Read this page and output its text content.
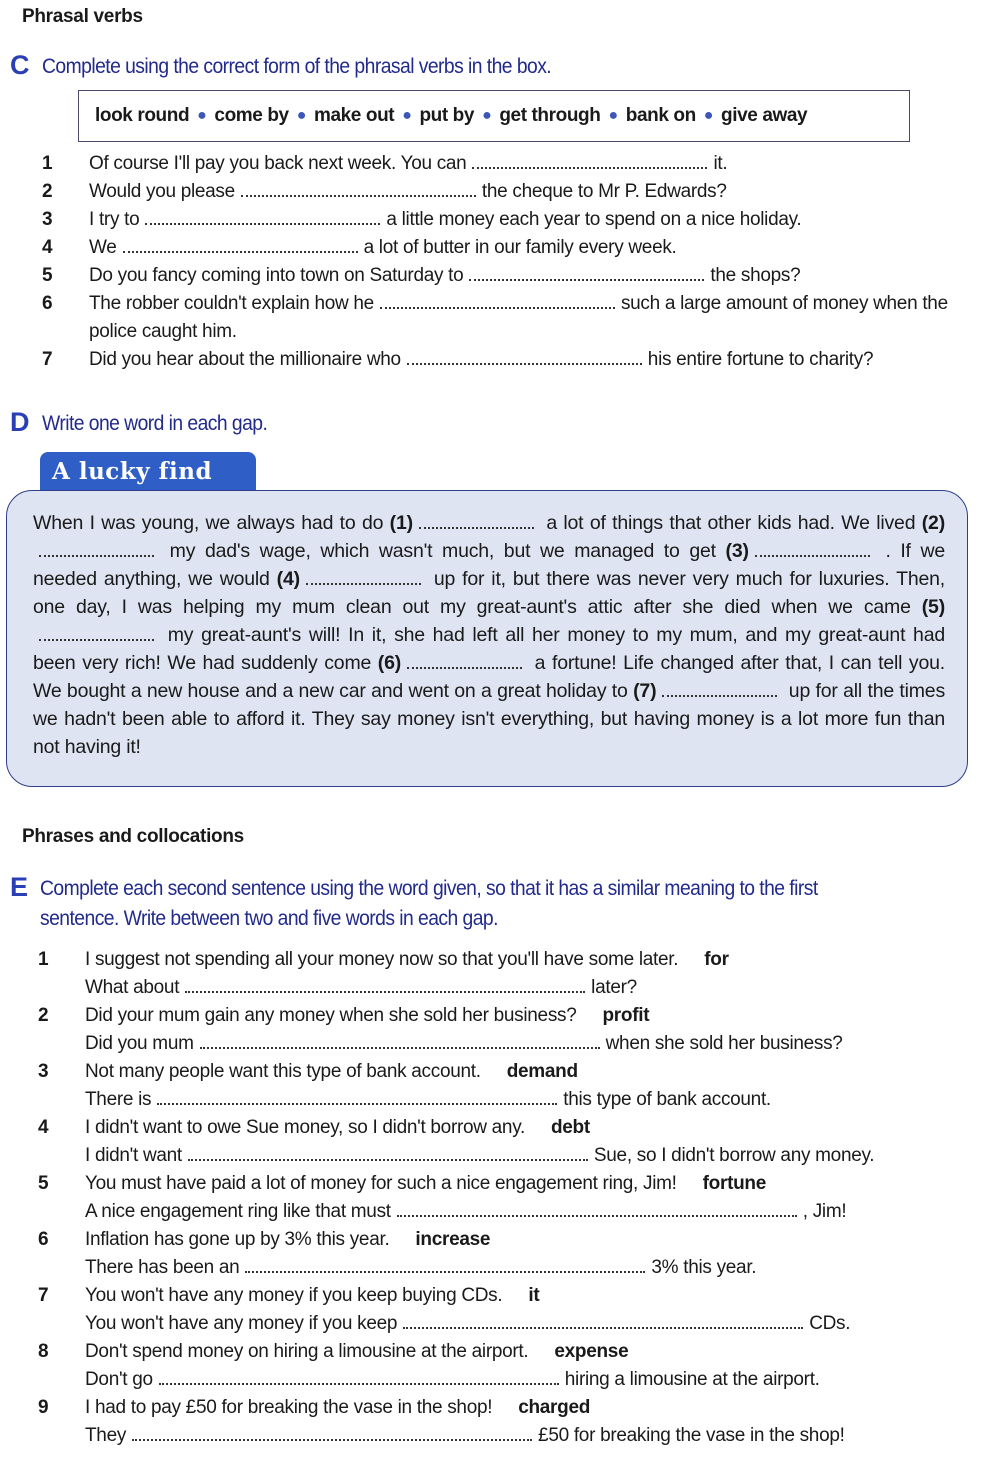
Phrasal verbs
C Complete using the correct form of the phrasal verbs in the box.
look round ● come by ● make out ● put by ● get through ● bank on ● give away
1 Of course I'll pay you back next week. You can	it.
2 Would you please	the cheque to Mr P. Edwards?
3 I try to	a little money each year to spend on a nice holiday.
4 We	a lot of butter in our family every week.
5 Do you fancy coming into town on Saturday to	the shops?
6 The robber couldn't explain how he	such a large amount of money when the police caught him.
7 Did you hear about the millionaire who	his entire fortune to charity?
D Write one word in each gap.
A lucky find
When I was young, we always had to do (1)	a lot of things that other kids had. We lived (2) my dad's wage, which wasn't much, but we managed to get (3)	. If we needed anything, we would (4)	up for it, but there was never very much for luxuries. Then, one day, I was helping my mum clean out my great-aunt's attic after she died when we came (5) my great-aunt's will! In it, she had left all her money to my mum, and my great-aunt had been very rich! We had suddenly come (6)	a fortune! Life changed after that, I can tell you. We bought a new house and a new car and went on a great holiday to (7)	up for all the times we hadn't been able to afford it. They say money isn't everything, but having money is a lot more fun than not having it!
Phrases and collocations
E Complete each second sentence using the word given, so that it has a similar meaning to the first sentence. Write between two and five words in each gap.
1 I suggest not spending all your money now so that you'll have some later. for
What about	later?
2 Did your mum gain any money when she sold her business? profit
Did you mum	when she sold her business?
3 Not many people want this type of bank account. demand
There is	this type of bank account.
4 I didn't want to owe Sue money, so I didn't borrow any. debt
I didn't want	Sue, so I didn't borrow any money.
5 You must have paid a lot of money for such a nice engagement ring, Jim! fortune
A nice engagement ring like that must	, Jim!
6 Inflation has gone up by 3% this year. increase
There has been an	3% this year.
7 You won't have any money if you keep buying CDs. it
You won't have any money if you keep	CDs.
8 Don't spend money on hiring a limousine at the airport. expense
Don't go	hiring a limousine at the airport.
9 I had to pay £50 for breaking the vase in the shop! charged
They	£50 for breaking the vase in the shop!
